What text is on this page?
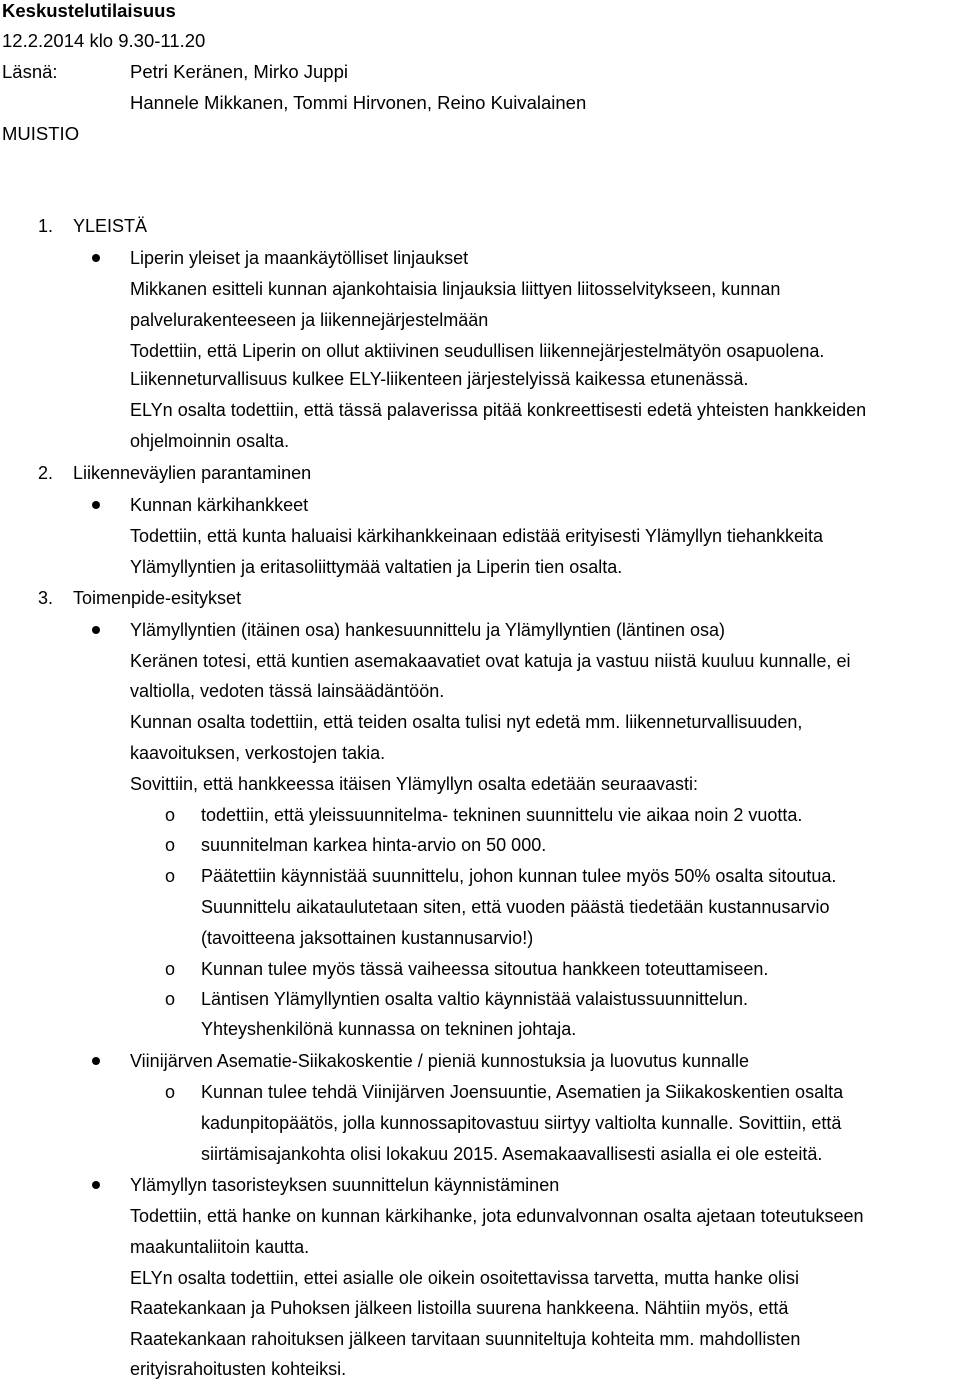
Keskustelutilaisuus
12.2.2014 klo 9.30-11.20
Läsnä:	Petri Keränen, Mirko Juppi
Hannele Mikkanen, Tommi Hirvonen, Reino Kuivalainen
MUISTIO
1. YLEISTÄ
Liperin yleiset ja maankäytölliset linjaukset
Mikkanen esitteli kunnan ajankohtaisia linjauksia liittyen liitosselvitykseen, kunnan
palvelurakenteeseen ja liikennejärjestelmään
Todettiin, että Liperin on ollut aktiivinen seudullisen liikennejärjestelmätyön osapuolena.
Liikenneturvallisuus kulkee ELY-liikenteen järjestelyissä kaikessa etunenässä.
ELYn osalta todettiin, että tässä palaverissa pitää konkreettisesti edetä yhteisten hankkeiden
ohjelmoinnin osalta.
2. Liikenneväylien parantaminen
Kunnan kärkihankkeet
Todettiin, että kunta haluaisi kärkihankkeinaan edistää erityisesti Ylämyllyn tiehankkeita
Ylämyllyntien ja eritasoliittymää valtatien ja Liperin tien osalta.
3. Toimenpide-esitykset
Ylämyllyntien (itäinen osa) hankesuunnittelu ja Ylämyllyntien (läntinen osa)
Keränen totesi, että kuntien asemakaavatiet ovat katuja ja vastuu niistä kuuluu kunnalle, ei
valtiolla, vedoten tässä lainsäädäntöön.
Kunnan osalta todettiin, että teiden osalta tulisi nyt edetä mm. liikenneturvallisuuden,
kaavoituksen, verkostojen takia.
Sovittiin, että hankkeessa itäisen Ylämyllyn osalta edetään seuraavasti:
o todettiin, että yleissuunnitelma- tekninen suunnittelu vie aikaa noin 2 vuotta.
o suunnitelman karkea hinta-arvio on 50 000.
o Päätettiin käynnistää suunnittelu, johon kunnan tulee myös 50% osalta sitoutua.
Suunnittelu aikataulutetaan siten, että vuoden päästä tiedetään kustannusarvio
(tavoitteena jaksottainen kustannusarvio!)
o Kunnan tulee myös tässä vaiheessa sitoutua hankkeen toteuttamiseen.
o Läntisen Ylämyllyntien osalta valtio käynnistää valaistussuunnittelun.
Yhteyshenkilönä kunnassa on tekninen johtaja.
Viinijärven Asematie-Siikakoskentie / pieniä kunnostuksia ja luovutus kunnalle
o Kunnan tulee tehdä Viinijärven Joensuuntie, Asematien ja Siikakoskentien osalta
kadunpitopäätös, jolla kunnossapitovastuu siirtyy valtiolta kunnalle. Sovittiin, että
siirtämisajankohta olisi lokakuu 2015. Asemakaavallisesti asialla ei ole esteitä.
Ylämyllyn tasoristeyksen suunnittelun käynnistäminen
Todettiin, että hanke on kunnan kärkihanke, jota edunvalvonnan osalta ajetaan toteutukseen
maakuntaliitoin kautta.
ELYn osalta todettiin, ettei asialle ole oikein osoitettavissa tarvetta, mutta hanke olisi
Raatekankaan ja Puhoksen jälkeen listoilla suurena hankkeena. Nähtiin myös, että
Raatekankaan rahoituksen jälkeen tarvitaan suunniteltuja kohteita mm. mahdollisten
erityisrahoitusten kohteiksi.
